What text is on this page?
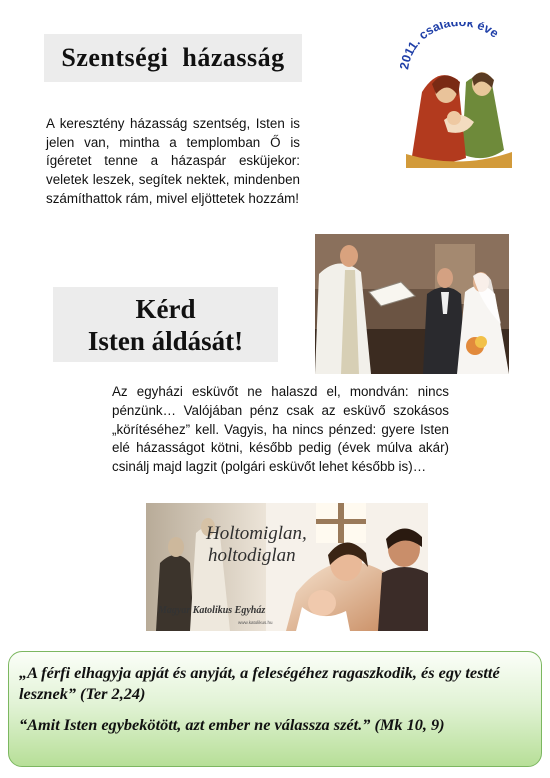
Szentségi  házasság	011. családok éve
A keresztény házasság szentség, Isten is jelen van, mintha a templomban Ő is ígéretet tenne a házaspár esküjekor: veletek leszek, segítek nektek, mindenben számíthattok rám, mivel eljöttetek hozzám!
Kérd
Isten áldását!
Az egyházi esküvőt ne halaszd el, mondván: nincs pénzünk… Valójában pénz csak az esküvő szokásos „körítéséhez” kell. Vagyis, ha nincs pénzed: gyere Isten elé házasságot kötni, később pedig (évek múlva akár) csinálj majd lagzit (polgári esküvőt lehet később is)…
Holtomiglan,
holtodiglan
Magyar Katolikus Egyház
www.katolikus.hu

„A férfi elhagyja apját és anyját, a feleségéhez ragaszkodik, és egy testté lesznek” (Ter 2,24)

“Amit Isten egybekötött, azt ember ne válassza szét.” (Mk 10, 9)
